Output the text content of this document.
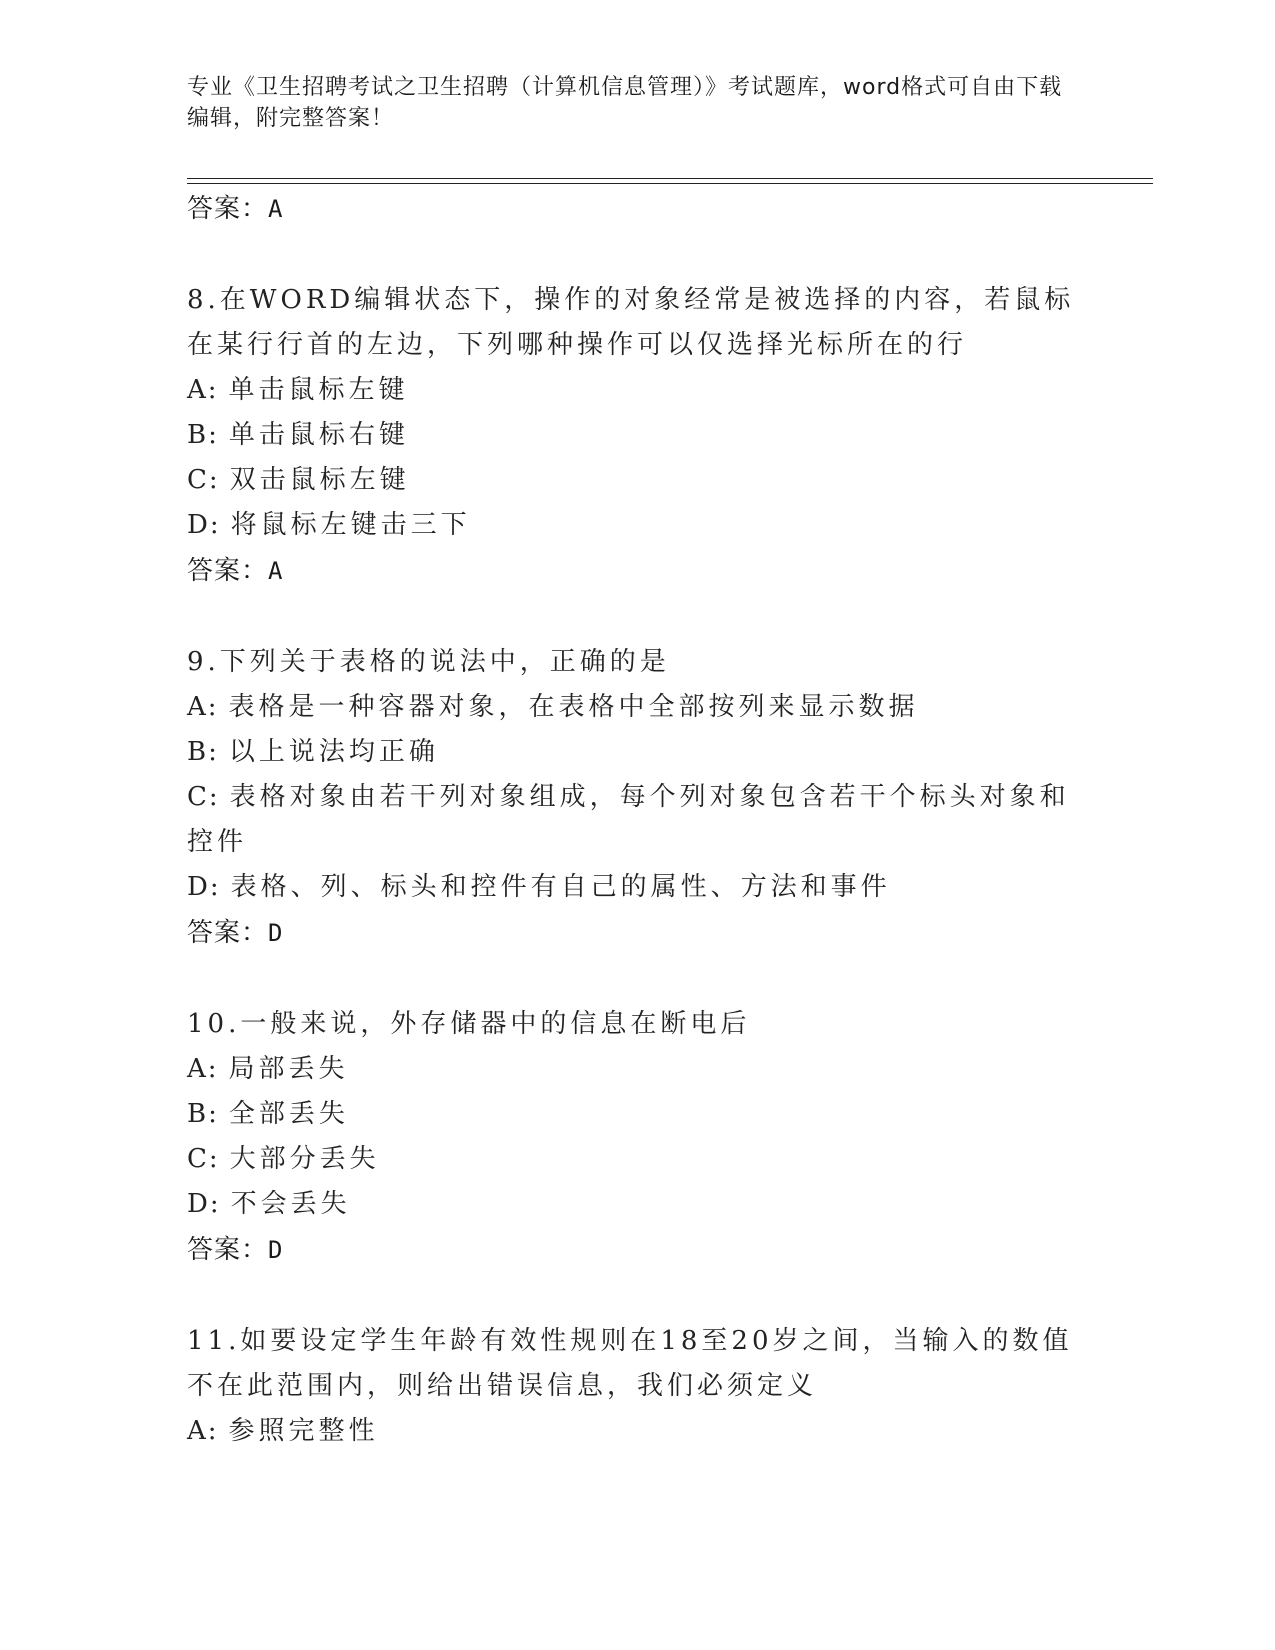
专业《卫生招聘考试之卫生招聘（计算机信息管理）》考试题库，word格式可自由下载编辑，附完整答案！
答案：A
8.在WORD编辑状态下，操作的对象经常是被选择的内容，若鼠标在某行行首的左边，下列哪种操作可以仅选择光标所在的行
A: 单击鼠标左键
B: 单击鼠标右键
C: 双击鼠标左键
D: 将鼠标左键击三下
答案：A
9.下列关于表格的说法中，正确的是
A: 表格是一种容器对象，在表格中全部按列来显示数据
B: 以上说法均正确
C: 表格对象由若干列对象组成，每个列对象包含若干个标头对象和控件
D: 表格、列、标头和控件有自己的属性、方法和事件
答案：D
10.一般来说，外存储器中的信息在断电后
A: 局部丢失
B: 全部丢失
C: 大部分丢失
D: 不会丢失
答案：D
11.如要设定学生年龄有效性规则在18至20岁之间，当输入的数值不在此范围内，则给出错误信息，我们必须定义
A: 参照完整性
